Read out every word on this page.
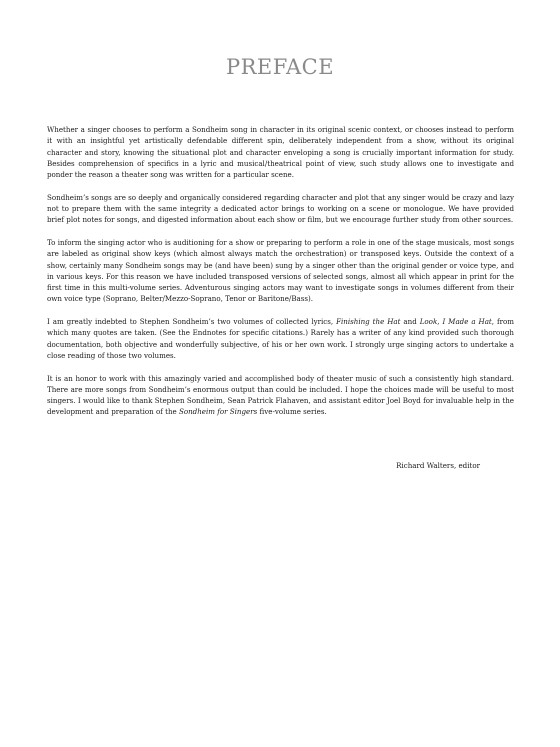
PREFACE

Whether a singer chooses to perform a Sondheim song in character in its original scenic context, or chooses instead to perform it with an insightful yet artistically defendable different spin, deliberately independent from a show, without its original character and story, knowing the situational plot and character enveloping a song is crucially important information for study. Besides comprehension of specifics in a lyric and musical/theatrical point of view, such study allows one to investigate and ponder the reason a theater song was written for a particular scene.

Sondheim’s songs are so deeply and organically considered regarding character and plot that any singer would be crazy and lazy not to prepare them with the same integrity a dedicated actor brings to working on a scene or monologue. We have provided brief plot notes for songs, and digested information about each show or film, but we encourage further study from other sources.

To inform the singing actor who is auditioning for a show or preparing to perform a role in one of the stage musicals, most songs are labeled as original show keys (which almost always match the orchestration) or transposed keys. Outside the context of a show, certainly many Sondheim songs may be (and have been) sung by a singer other than the original gender or voice type, and in various keys. For this reason we have included transposed versions of selected songs, almost all which appear in print for the first time in this multi-volume series. Adventurous singing actors may want to investigate songs in volumes different from their own voice type (Soprano, Belter/Mezzo-Soprano, Tenor or Baritone/Bass).

I am greatly indebted to Stephen Sondheim’s two volumes of collected lyrics, Finishing the Hat and Look, I Made a Hat, from which many quotes are taken. (See the Endnotes for specific citations.) Rarely has a writer of any kind provided such thorough documentation, both objective and wonderfully subjective, of his or her own work. I strongly urge singing actors to undertake a close reading of those two volumes.

It is an honor to work with this amazingly varied and accomplished body of theater music of such a consistently high standard. There are more songs from Sondheim’s enormous output than could be included. I hope the choices made will be useful to most singers. I would like to thank Stephen Sondheim, Sean Patrick Flahaven, and assistant editor Joel Boyd for invaluable help in the development and preparation of the Sondheim for Singers five-volume series.

Richard Walters, editor
